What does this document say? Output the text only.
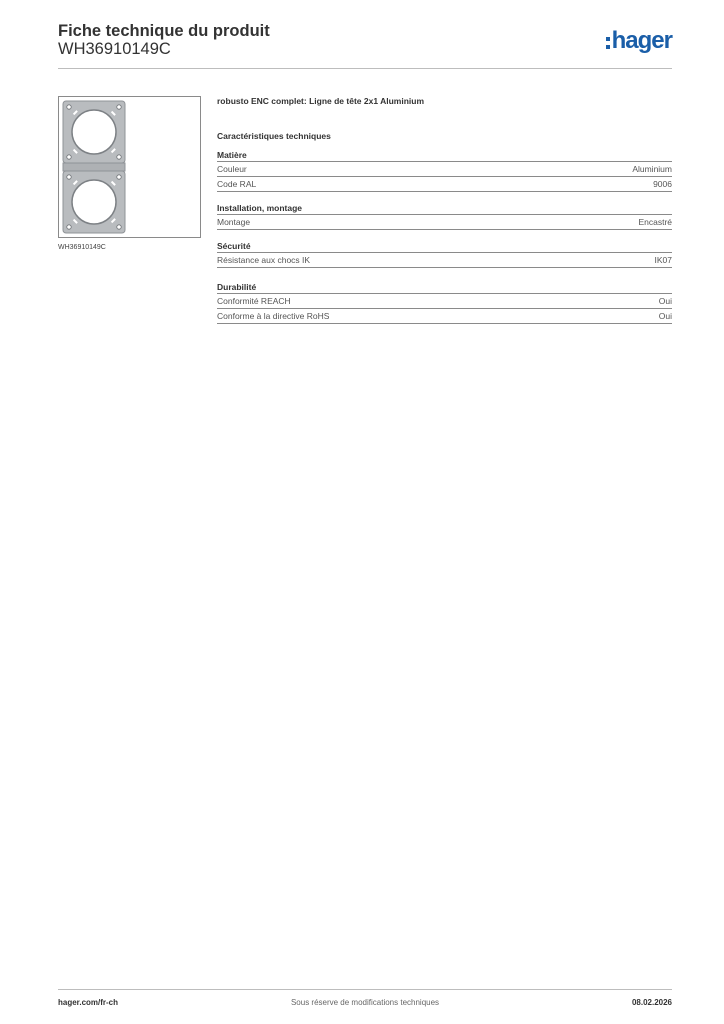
Fiche technique du produit
WH36910149C	hager
WH36910149C
robusto ENC complet: Ligne de tête 2x1 Aluminium
Caractéristiques techniques
Matière
Couleur	Aluminium
Code RAL	9006
Installation, montage
Montage	Encastré
Sécurité
Résistance aux chocs IK	IK07
Durabilité
Conformité REACH	Oui
Conforme à la directive RoHS	Oui
Sous réserve de modifications techniques
hager.com/fr-ch	08.02.2026
